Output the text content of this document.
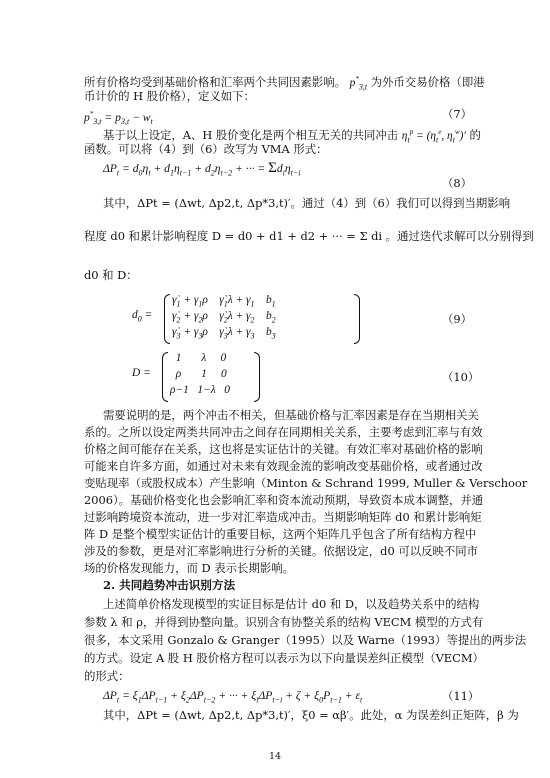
所有价格均受到基础价格和汇率两个共同因素影响。 $p^*_{3,t}$ 为外币交易价格（即港
币计价的 H 股价格），定义如下：
$p^*_{3,t} = p_{3,t} - w_t$
（7）
基于以上设定，A、H 股价变化是两个相互无关的共同冲击 $\eta_t^p = (\eta_t^e$, $\eta_t^w)'$ 的
函数。可以将（4）到（6）改写为 VMA 形式：
$\Delta P_t = d_0\eta_t + d_1\eta_{t-1} + d_2\eta_{t-2}$ + ··· = $\Sigma d_i\eta_{t-i}$
（8）
其中，ΔPt = (Δwt, Δp2,t, Δp*3,t)′。通过（4）到（6）我们可以得到当期影响
程度 d0 和累计影响程度 D = d0 + d1 + d2 + ··· = Σ di 。通过迭代求解可以分别得到
d0 和 D：
$d_0$ =
$\gammȧ_1 + \gamma_1\rho$    $\gammȧ_1\lambda + \gamma_1$    $b_1$
$\gammȧ_2 + \gamma_2\rho$    $\gammȧ_2\lambda + \gamma_2$    $b_2$
$\gammȧ_3 + \gamma_3\rho$    $\gammȧ_3\lambda + \gamma_3$    $b_3$
（9）
D =
1       λ     0
ρ       1     0
ρ−1   1−λ   0
（10）
需要说明的是，两个冲击不相关，但基础价格与汇率因素是存在当期相关关
系的。之所以设定两类共同冲击之间存在同期相关关系，主要考虑到汇率与有效
价格之间可能存在关系，这也将是实证估计的关键。有效汇率对基础价格的影响
可能来自许多方面，如通过对未来有效现金流的影响改变基础价格，或者通过改
变贴现率（或股权成本）产生影响（Minton & Schrand 1999, Muller & Verschoor
2006）。基础价格变化也会影响汇率和资本流动预期，导致资本成本调整，并通
过影响跨境资本流动，进一步对汇率造成冲击。当期影响矩阵 d0 和累计影响矩
阵 D 是整个模型实证估计的重要目标，这两个矩阵几乎包含了所有结构方程中
涉及的参数，更是对汇率影响进行分析的关键。依据设定，d0 可以反映不同市
场的价格发现能力，而 D 表示长期影响。
2. 共同趋势冲击识别方法
上述简单价格发现模型的实证目标是估计 d0 和 D，以及趋势关系中的结构
参数 λ 和 ρ，并得到协整向量。识别含有协整关系的结构 VECM 模型的方式有
很多，本文采用 Gonzalo & Granger（1995）以及 Warne（1993）等提出的两步法
的方式。设定 A 股 H 股价格方程可以表示为以下向量误差纠正模型（VECM）
的形式：
$\Delta P_t = \xi_1\Delta P_{t-1} + \xi_2\Delta P_{t-2}$ + ··· + $\xi_i\Delta P_{t-i} + \zeta + \xi_0P_{t-1} + \varepsilon_t$	（11）
其中，ΔPt = (Δwt, Δp2,t, Δp*3,t)′，ξ0 = αβ′。此处，α 为误差纠正矩阵，β 为
14
